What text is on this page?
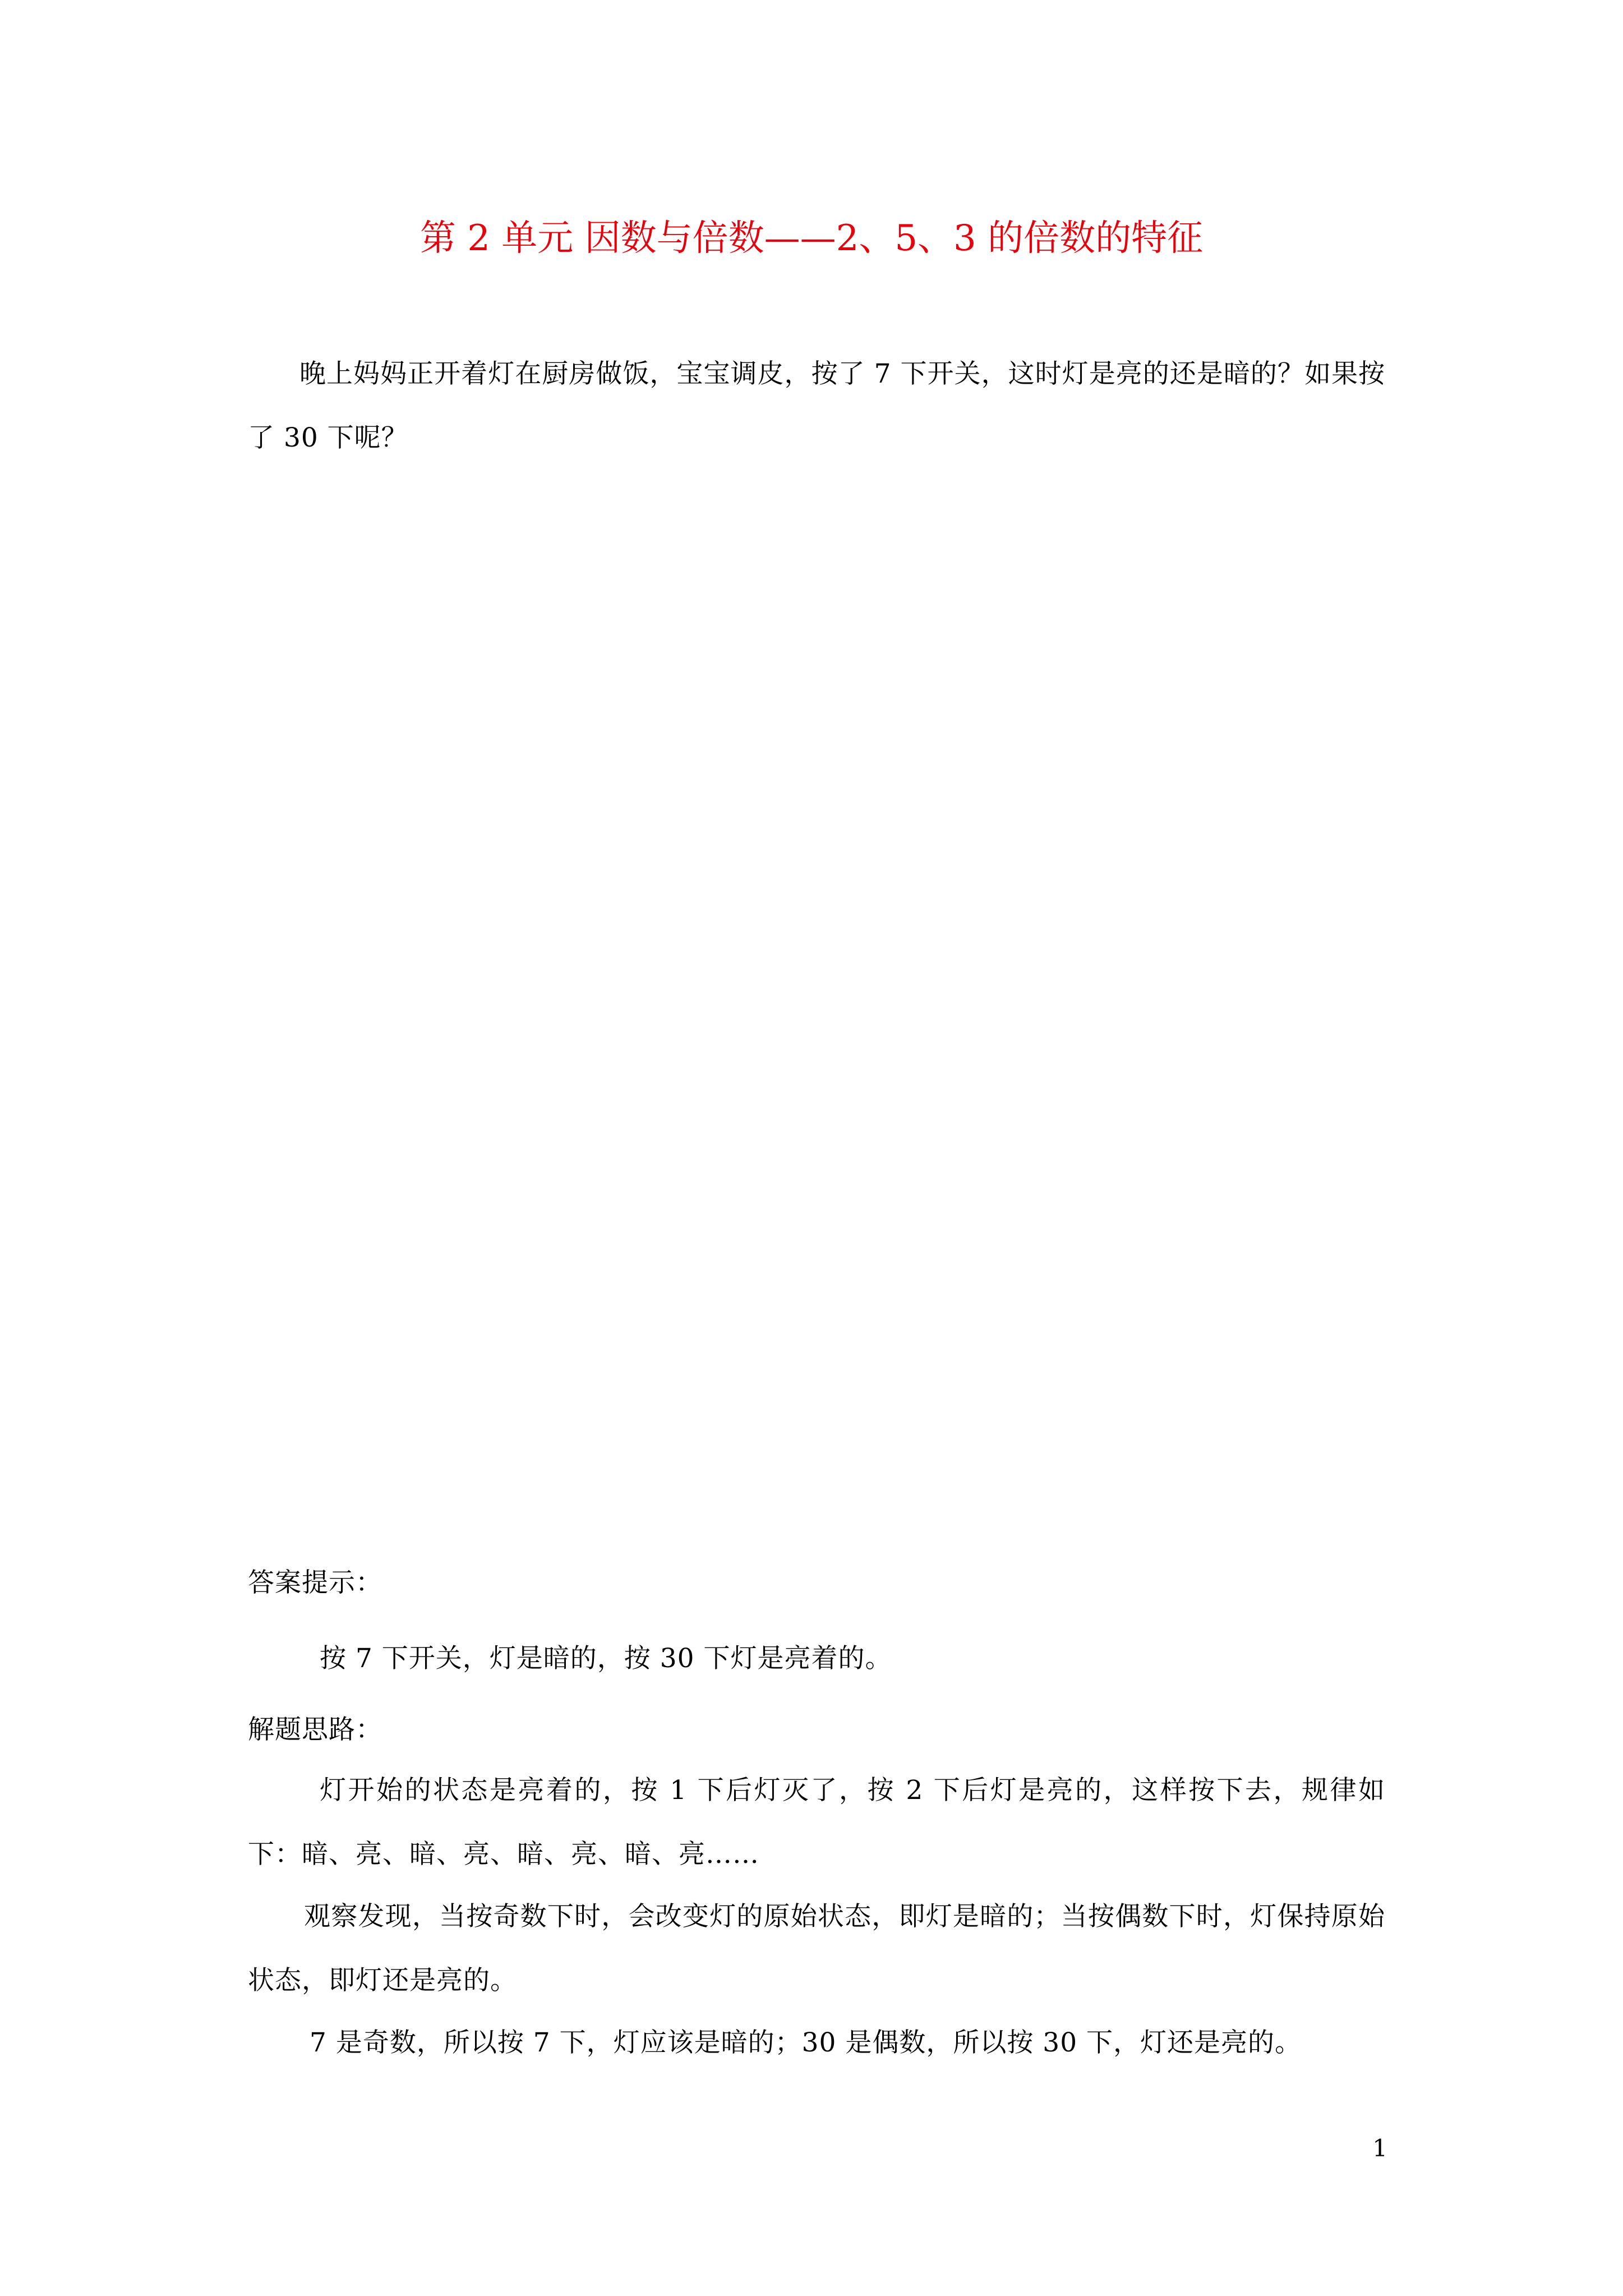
第 2 单元 因数与倍数——2、5、3 的倍数的特征
晚上妈妈正开着灯在厨房做饭，宝宝调皮，按了 7 下开关，这时灯是亮的还是暗的？如果按了 30 下呢？
答案提示：
按 7 下开关，灯是暗的，按 30 下灯是亮着的。
解题思路：
灯开始的状态是亮着的，按 1 下后灯灭了，按 2 下后灯是亮的，这样按下去，规律如下：暗、亮、暗、亮、暗、亮、暗、亮……
观察发现，当按奇数下时，会改变灯的原始状态，即灯是暗的；当按偶数下时，灯保持原始状态，即灯还是亮的。
7 是奇数，所以按 7 下，灯应该是暗的；30 是偶数，所以按 30 下，灯还是亮的。
1
